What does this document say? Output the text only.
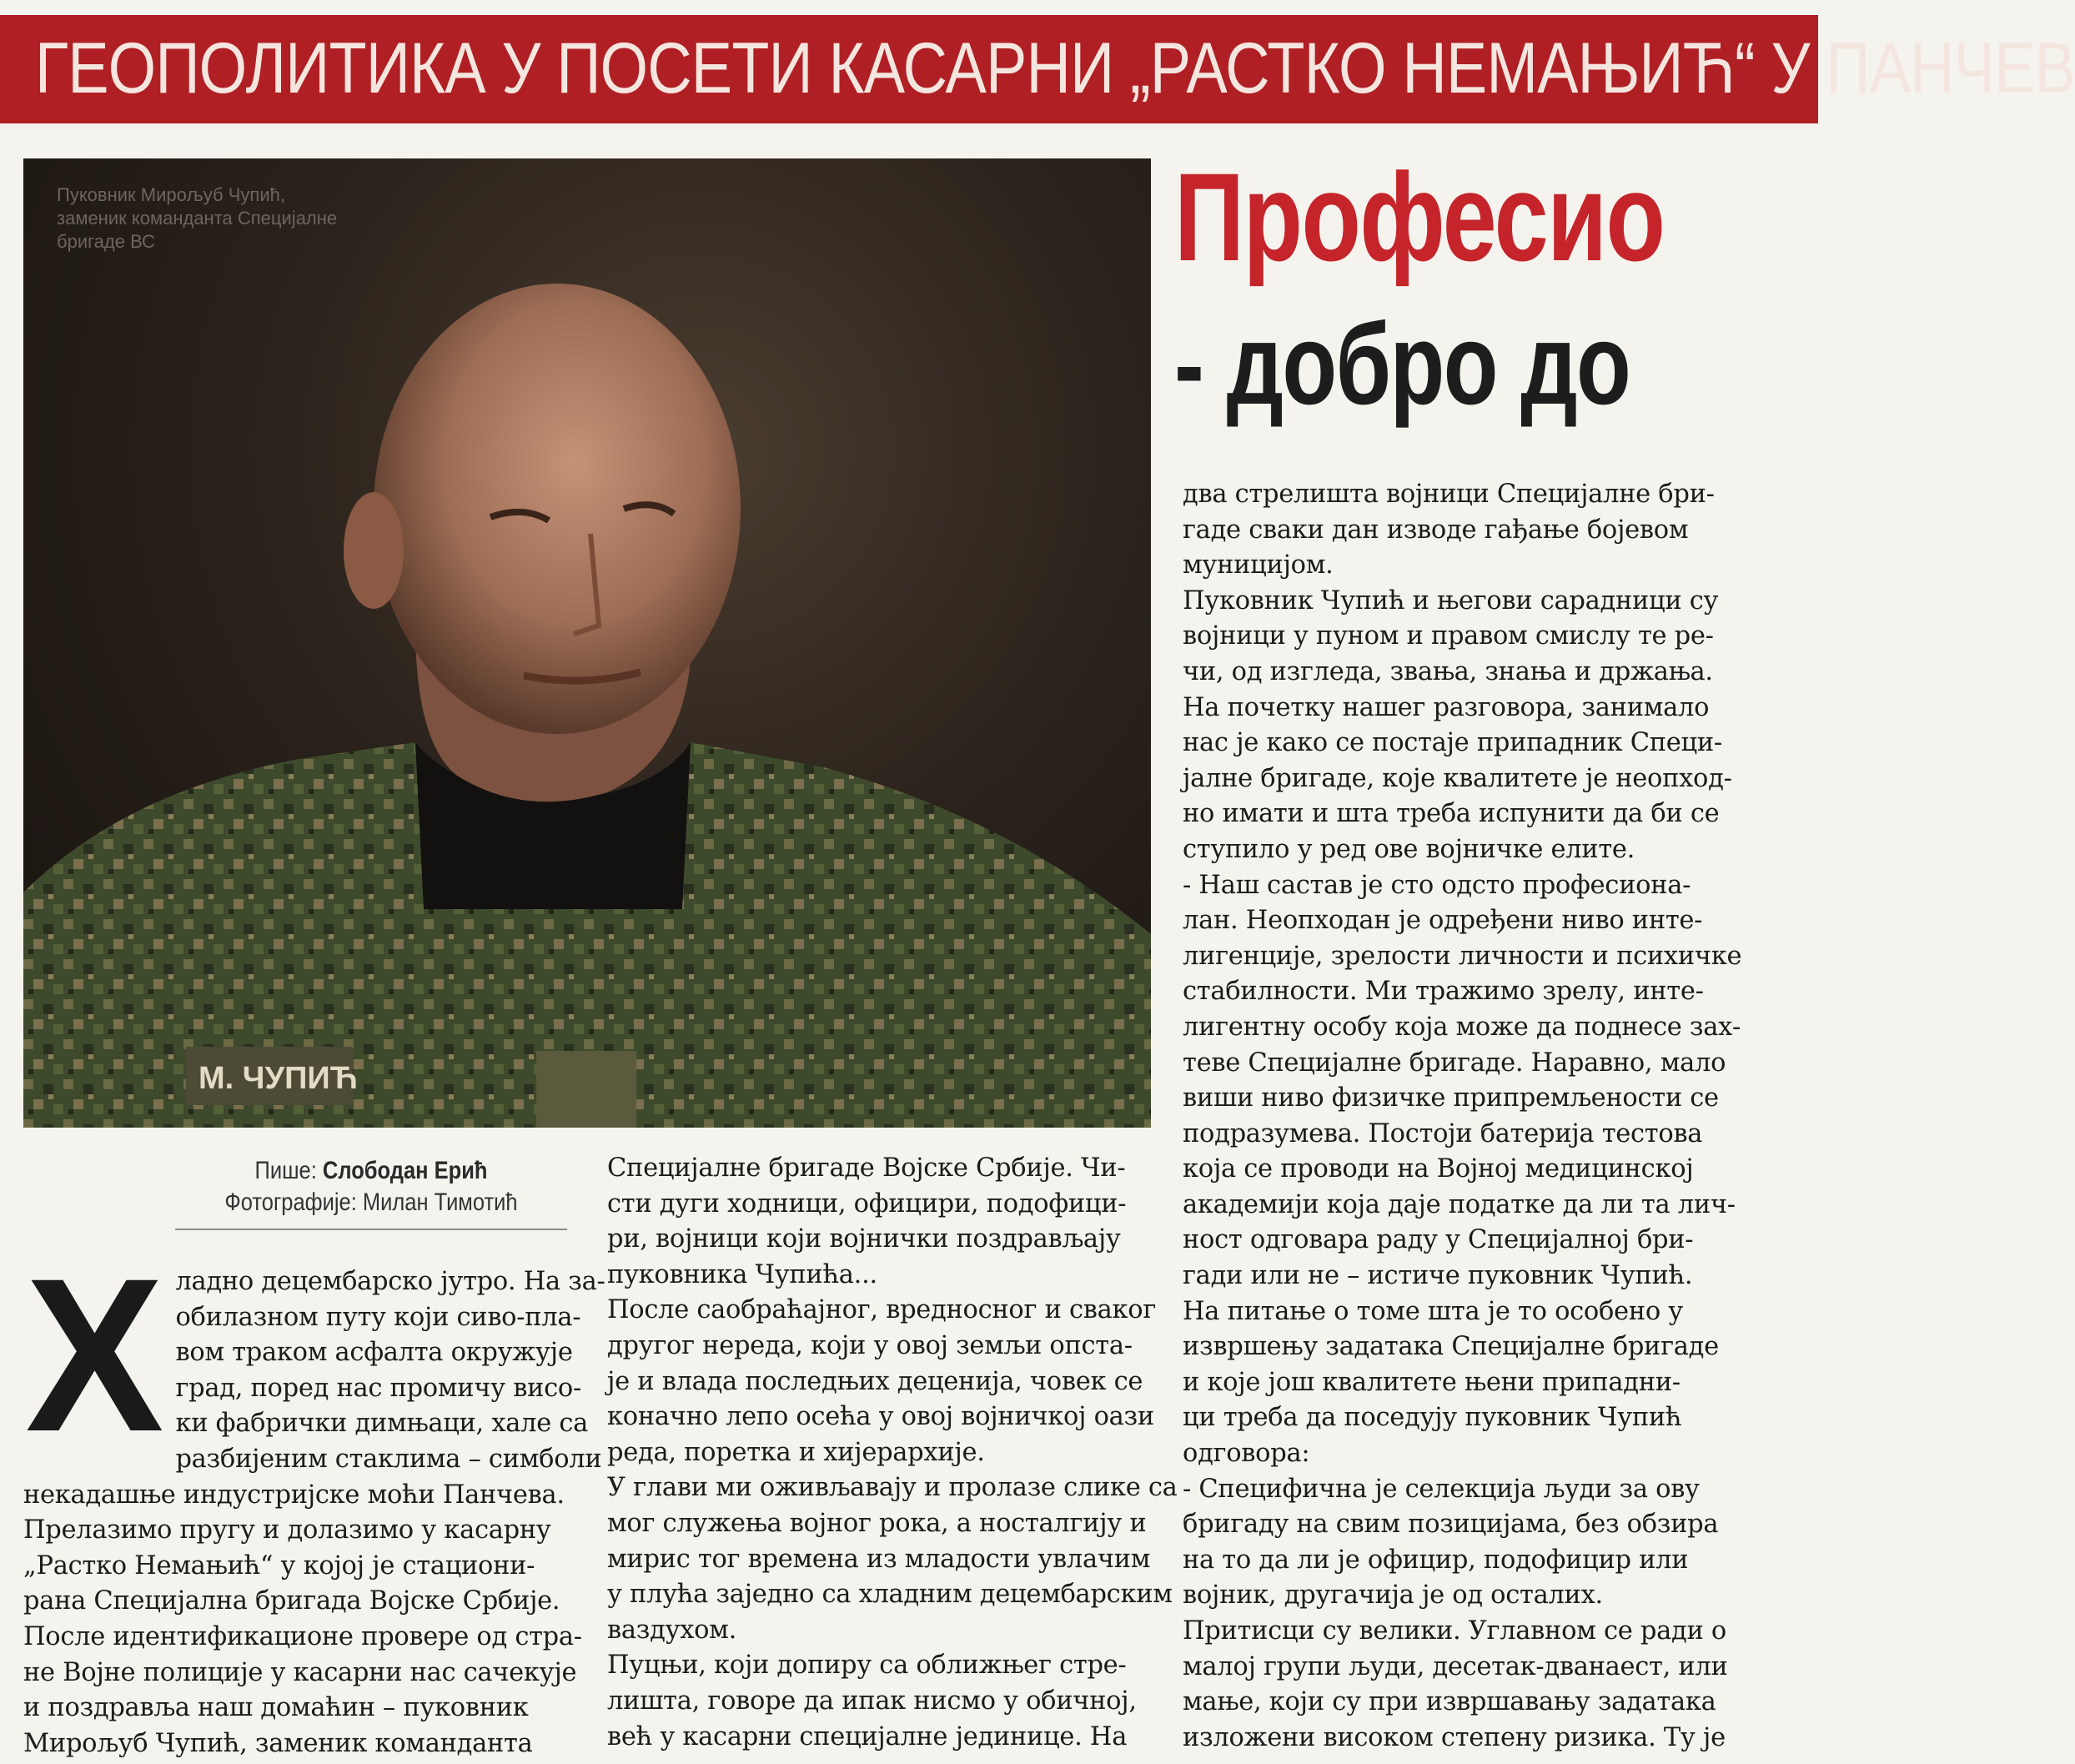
ГЕОПОЛИТИКА У ПОСЕТИ КАСАРНИ „РАСТКО НЕМАЊИЋ“ У ПАНЧЕВ
М. ЧУПИЋ
Пуковник Мирољуб Чупић, заменик команданта Специјалне бригаде ВС	Професио
- добро до
Пише: Слободан Ерић
Фотографије: Милан Тимотић
Х ладно децембарско јутро. На за-
обилазном путу који сиво-пла-
вом траком асфалта окружује
град, поред нас промичу висо-
ки фабрички димњаци, хале са
разбијеним стаклима – симболи
некадашње индустријске моћи Панчева.
Прелазимо пругу и долазимо у касарну
„Растко Немањић“ у којој је стациони-
рана Специјална бригада Војске Србије.
После идентификационе провере од стра-
не Војне полиције у касарни нас сачекује
и поздравља наш домаћин – пуковник
Мирољуб Чупић, заменик команданта
Специјалне бригаде Војске Србије. Чи-
сти дуги ходници, официри, подофици-
ри, војници који војнички поздрављају
пуковника Чупића...
После саобраћајног, вредносног и сваког
другог нереда, који у овој земљи опста-
је и влада последњих деценија, човек се
коначно лепо осећа у овој војничкој оази
реда, поретка и хијерархије.
У глави ми оживљавају и пролазе слике са
мог служења војног рока, а носталгију и
мирис тог времена из младости увлачим
у плућа заједно са хладним децембарским
ваздухом.
Пуцњи, који допиру са оближњег стре-
лишта, говоре да ипак нисмо у обичној,
већ у касарни специјалне јединице. На
два стрелишта војници Специјалне бри-
гаде сваки дан изводе гађање бојевом
муницијом.
Пуковник Чупић и његови сарадници су
војници у пуном и правом смислу те ре-
чи, од изгледа, звања, знања и држања.
На почетку нашег разговора, занимало
нас је како се постаје припадник Специ-
јалне бригаде, које квалитете је неопход-
но имати и шта треба испунити да би се
ступило у ред ове војничке елите.
- Наш састав је сто одсто професиона-
лан. Неопходан је одређени ниво инте-
лигенције, зрелости личности и психичке
стабилности. Ми тражимо зрелу, инте-
лигентну особу која може да поднесе зах-
теве Специјалне бригаде. Наравно, мало
виши ниво физичке припремљености се
подразумева. Постоји батерија тестова
која се проводи на Војној медицинској
академији која даје податке да ли та лич-
ност одговара раду у Специјалној бри-
гади или не – истиче пуковник Чупић.
На питање о томе шта је то особено у
извршењу задатака Специјалне бригаде
и које још квалитете њени припадни-
ци треба да поседују пуковник Чупић
одговора:
- Специфична је селекција људи за ову
бригаду на свим позицијама, без обзира
на то да ли је официр, подофицир или
војник, другачија је од осталих.
Притисци су велики. Углавном се ради о
малој групи људи, десетак-дванаест, или
мање, који су при извршавању задатака
изложени високом степену ризика. Ту је
